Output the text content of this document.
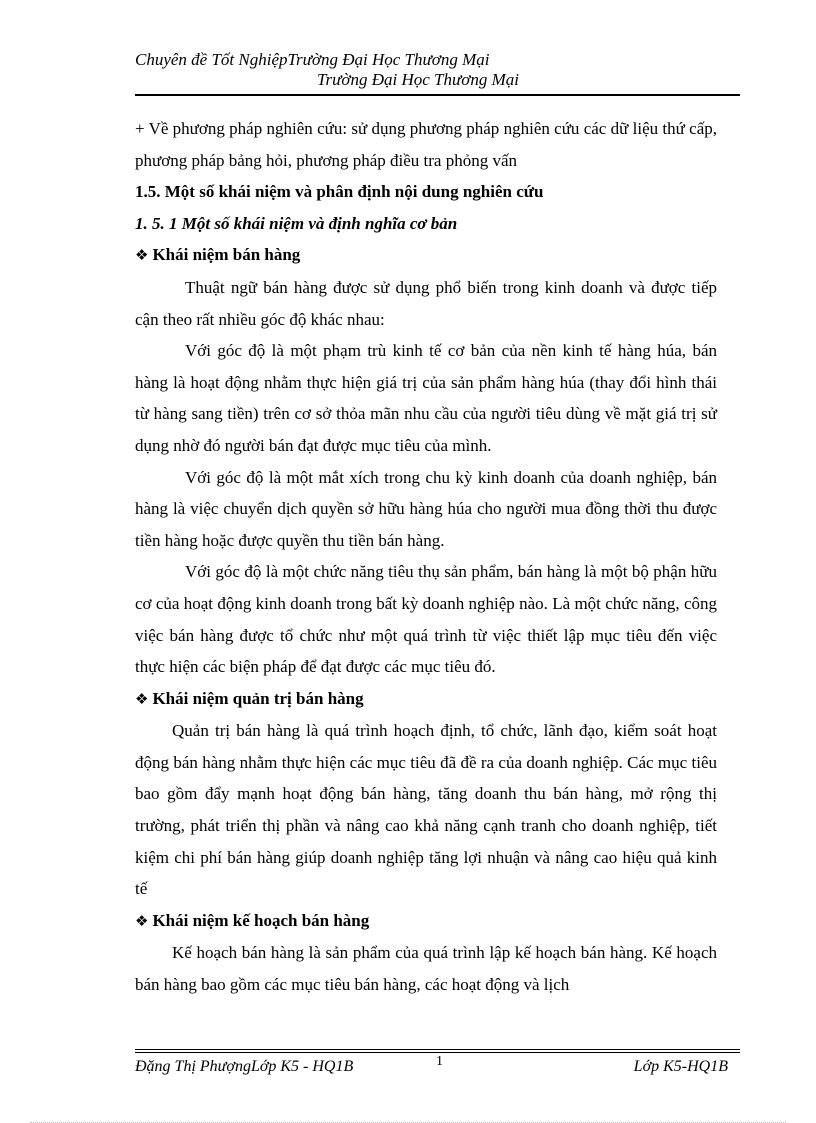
Chuyên đề Tốt NghiệpTrường Đại Học Thương Mại
Trường Đại Học Thương Mại

+ Về phương pháp nghiên cứu: sử dụng phương pháp nghiên cứu các dữ liệu thứ cấp, phương pháp bảng hỏi, phương pháp điều tra phỏng vấn

1.5. Một số khái niệm và phân định nội dung nghiên cứu

1. 5. 1 Một số khái niệm và định nghĩa cơ bản

❖ Khái niệm bán hàng

Thuật ngữ bán hàng được sử dụng phổ biến trong kinh doanh và được tiếp cận theo rất nhiều góc độ khác nhau:

Với góc độ là một phạm trù kinh tế cơ bản của nền kinh tế hàng húa, bán hàng là hoạt động nhằm thực hiện giá trị của sản phẩm hàng húa (thay đổi hình thái từ hàng sang tiền) trên cơ sở thỏa mãn nhu cầu của người tiêu dùng về mặt giá trị sử dụng nhờ đó người bán đạt được mục tiêu của mình.

Với góc độ là một mắt xích trong chu kỳ kinh doanh của doanh nghiệp, bán hàng là việc chuyển dịch quyền sở hữu hàng húa cho người mua đồng thời thu được tiền hàng hoặc được quyền thu tiền bán hàng.

Với góc độ là một chức năng tiêu thụ sản phẩm, bán hàng là một bộ phận hữu cơ của hoạt động kinh doanh trong bất kỳ doanh nghiệp nào. Là một chức năng, công việc bán hàng được tổ chức như một quá trình từ việc thiết lập mục tiêu đến việc thực hiện các biện pháp để đạt được các mục tiêu đó.

❖ Khái niệm quản trị bán hàng

Quản trị bán hàng là quá trình hoạch định, tổ chức, lãnh đạo, kiểm soát hoạt động bán hàng nhằm thực hiện các mục tiêu đã đề ra của doanh nghiệp. Các mục tiêu bao gồm đẩy mạnh hoạt động bán hàng, tăng doanh thu bán hàng, mở rộng thị trường, phát triển thị phần và nâng cao khả năng cạnh tranh cho doanh nghiệp, tiết kiệm chi phí bán hàng giúp doanh nghiệp tăng lợi nhuận và nâng cao hiệu quả kinh tế

❖ Khái niệm kế hoạch bán hàng

Kế hoạch bán hàng là sản phẩm của quá trình lập kế hoạch bán hàng. Kế hoạch bán hàng bao gồm các mục tiêu bán hàng, các hoạt động và lịch

Đặng Thị PhượngLớp K5 - HQ1B	1	Lớp K5-HQ1B
